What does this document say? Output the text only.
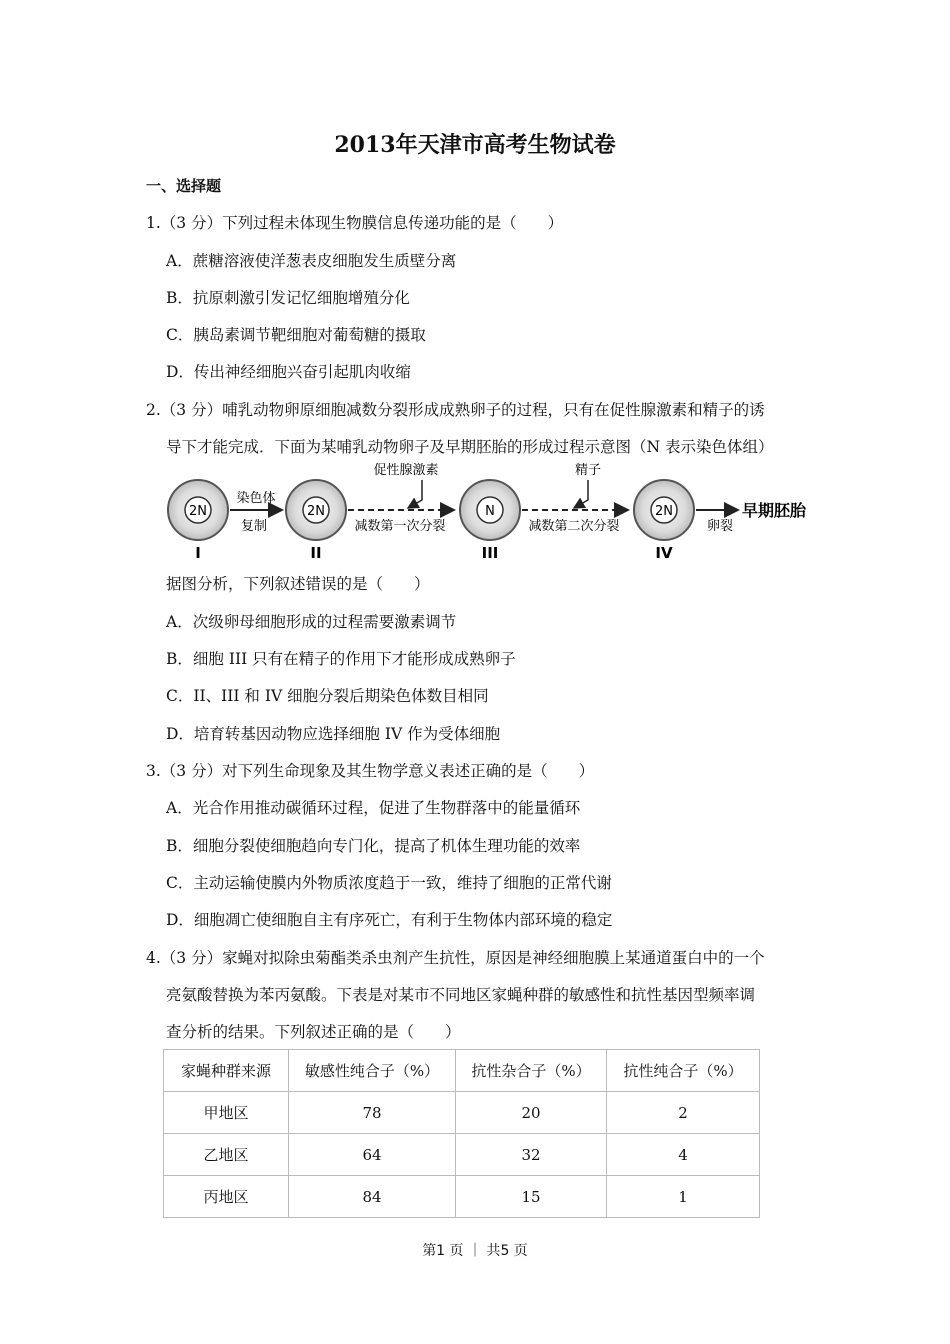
2013年天津市高考生物试卷
一、选择题
1.（3 分）下列过程未体现生物膜信息传递功能的是（　　）
A．蔗糖溶液使洋葱表皮细胞发生质壁分离
B．抗原刺激引发记忆细胞增殖分化
C．胰岛素调节靶细胞对葡萄糖的摄取
D．传出神经细胞兴奋引起肌肉收缩
2.（3 分）哺乳动物卵原细胞减数分裂形成成熟卵子的过程，只有在促性腺激素和精子的诱
导下才能完成．下面为某哺乳动物卵子及早期胚胎的形成过程示意图（N 表示染色体组）
2N
I
染色体
复制
2N
II
促性腺激素
减数第一次分裂
N
III
精子
减数第二次分裂
2N
IV
卵裂
早期胚胎
据图分析，下列叙述错误的是（　　）
A．次级卵母细胞形成的过程需要激素调节
B．细胞 III 只有在精子的作用下才能形成成熟卵子
C．II、III 和 IV 细胞分裂后期染色体数目相同
D．培育转基因动物应选择细胞 IV 作为受体细胞
3.（3 分）对下列生命现象及其生物学意义表述正确的是（　　）
A．光合作用推动碳循环过程，促进了生物群落中的能量循环
B．细胞分裂使细胞趋向专门化，提高了机体生理功能的效率
C．主动运输使膜内外物质浓度趋于一致，维持了细胞的正常代谢
D．细胞凋亡使细胞自主有序死亡，有利于生物体内部环境的稳定
4.（3 分）家蝇对拟除虫菊酯类杀虫剂产生抗性，原因是神经细胞膜上某通道蛋白中的一个
亮氨酸替换为苯丙氨酸。下表是对某市不同地区家蝇种群的敏感性和抗性基因型频率调
查分析的结果。下列叙述正确的是（　　）
家蝇种群来源	敏感性纯合子（%）	抗性杂合子（%）	抗性纯合子（%）
甲地区	78	20	2
乙地区	64	32	4
丙地区	84	15	1
第1 页 ｜ 共5 页
